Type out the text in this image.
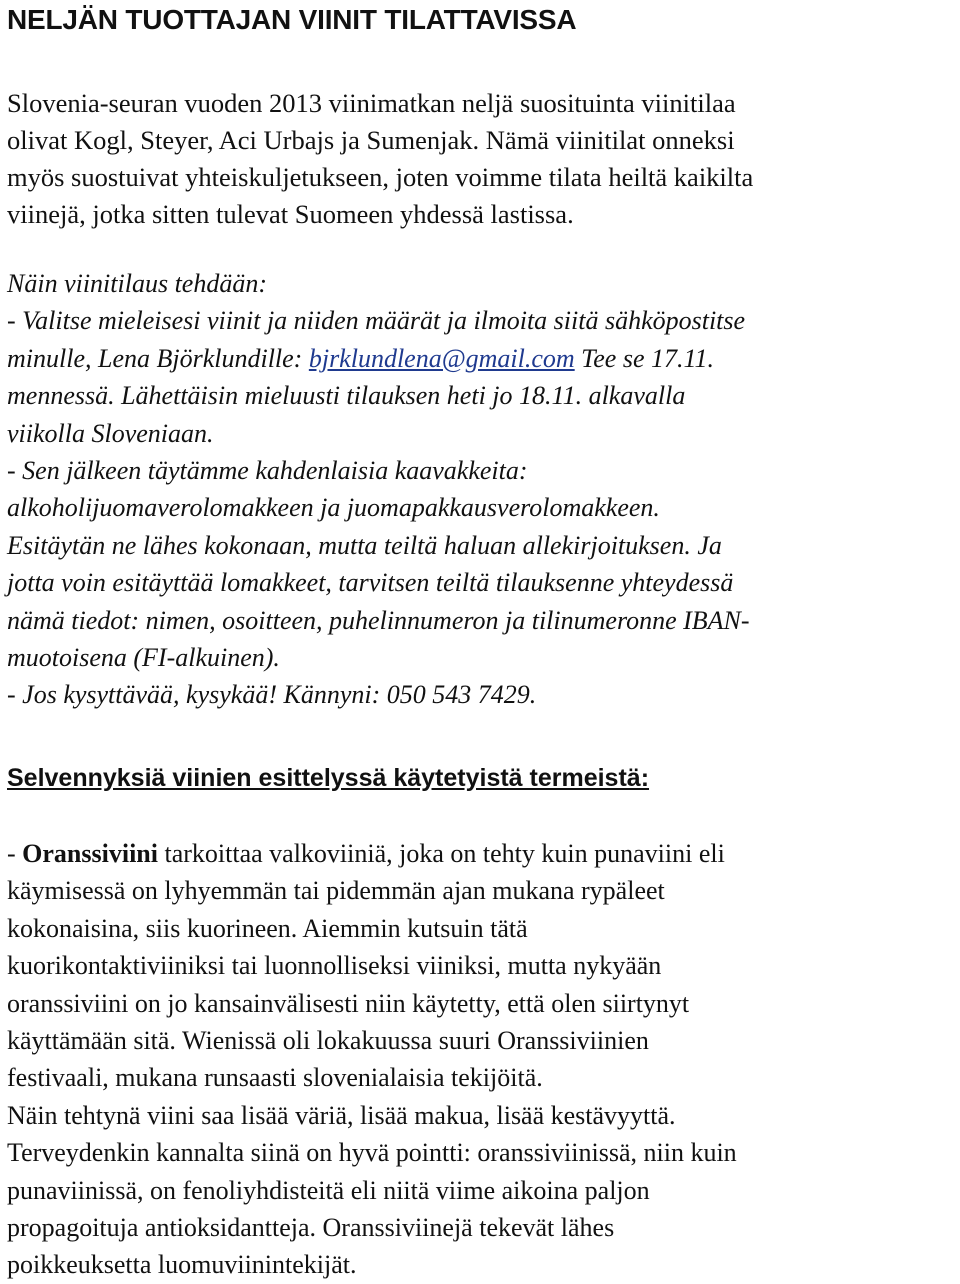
NELJÄN TUOTTAJAN VIINIT TILATTAVISSA
Slovenia-seuran vuoden 2013 viinimatkan neljä suosituinta viinitilaa
olivat Kogl, Steyer, Aci Urbajs ja Sumenjak. Nämä viinitilat onneksi
myös suostuivat yhteiskuljetukseen, joten voimme tilata heiltä kaikilta
viinejä, jotka sitten tulevat Suomeen yhdessä lastissa.
Näin viinitilaus tehdään:
- Valitse mieleisesi viinit ja niiden määrät ja ilmoita siitä sähköpostitse
minulle, Lena Björklundille: bjrklundlena@gmail.com Tee se 17.11.
mennessä. Lähettäisin mieluusti tilauksen heti jo 18.11. alkavalla
viikolla Sloveniaan.
- Sen jälkeen täytämme kahdenlaisia kaavakkeita:
alkoholijuomaverolomakkeen ja juomapakkausverolomakkeen.
Esitäytän ne lähes kokonaan, mutta teiltä haluan allekirjoituksen. Ja
jotta voin esitäyttää lomakkeet, tarvitsen teiltä tilauksenne yhteydessä
nämä tiedot: nimen, osoitteen, puhelinnumeron ja tilinumeronne IBAN-
muotoisena (FI-alkuinen).
- Jos kysyttävää, kysykää! Kännyni: 050 543 7429.
Selvennyksiä viinien esittelyssä käytetyistä termeistä:
- Oranssiviini tarkoittaa valkoviiniä, joka on tehty kuin punaviini eli
käymisessä on lyhyemmän tai pidemmän ajan mukana rypäleet
kokonaisina, siis kuorineen. Aiemmin kutsuin tätä
kuorikontaktiviiniksi tai luonnolliseksi viiniksi, mutta nykyään
oranssiviini on jo kansainvälisesti niin käytetty, että olen siirtynyt
käyttämään sitä. Wienissä oli lokakuussa suuri Oranssiviinien
festivaali, mukana runsaasti slovenialaisia tekijöitä.
Näin tehtynä viini saa lisää väriä, lisää makua, lisää kestävyyttä.
Terveydenkin kannalta siinä on hyvä pointti: oranssiviinissä, niin kuin
punaviinissä, on fenoliyhdisteitä eli niitä viime aikoina paljon
propagoituja antioksidantteja. Oranssiviinejä tekevät lähes
poikkeuksetta luomuviinintekijät.
